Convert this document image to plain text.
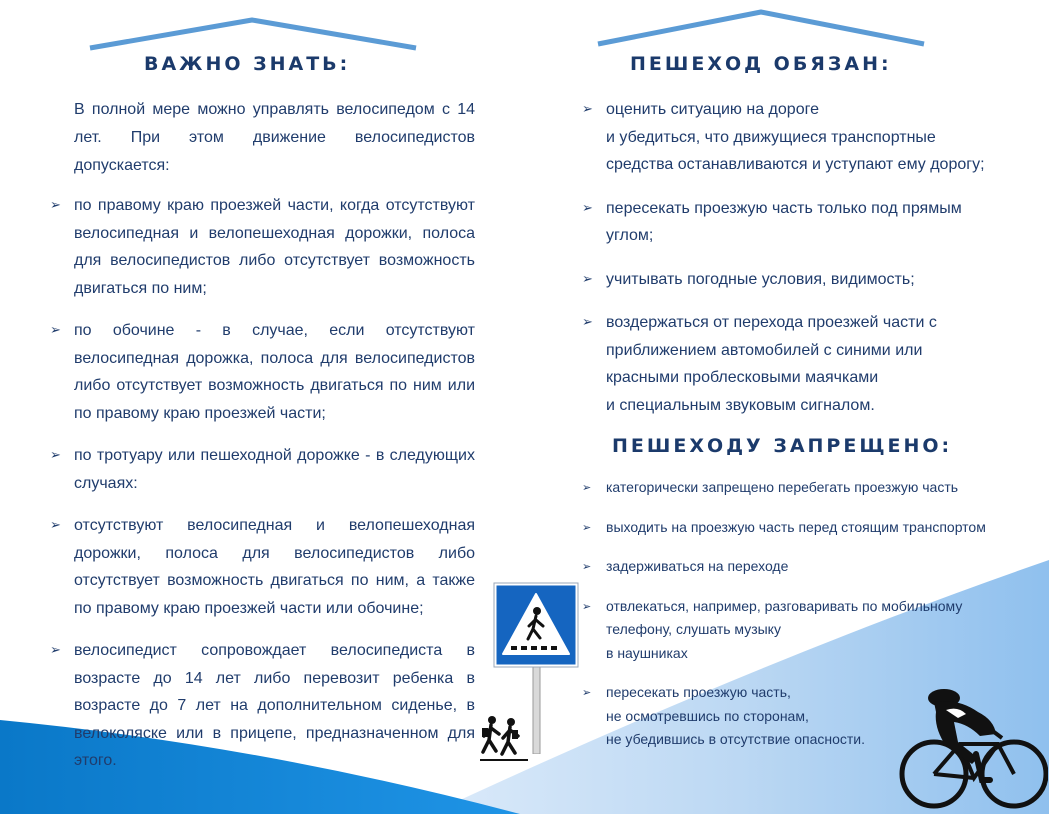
ВАЖНО ЗНАТЬ:

В полной мере можно управлять велосипедом с 14 лет. При этом движение велосипедистов допускается:

➢ по правому краю проезжей части, когда отсутствуют велосипедная и велопешеходная дорожки, полоса для велосипедистов либо отсутствует возможность двигаться по ним;
➢ по обочине - в случае, если отсутствуют велосипедная дорожка, полоса для велосипедистов либо отсутствует возможность двигаться по ним или по правому краю проезжей части;
➢ по тротуару или пешеходной дорожке - в следующих случаях:
➢ отсутствуют велосипедная и велопешеходная дорожки, полоса для велосипедистов либо отсутствует возможность двигаться по ним, а также по правому краю проезжей части или обочине;
➢ велосипедист сопровождает велосипедиста в возрасте до 14 лет либо перевозит ребенка в возрасте до 7 лет на дополнительном сиденье, в велоколяске или в прицепе, предназначенном для этого.
ПЕШЕХОД ОБЯЗАН:
➢ оценить ситуацию на дороге
и убедиться, что движущиеся транспортные
средства останавливаются и уступают ему дорогу;
➢ пересекать проезжую часть только под прямым
углом;
➢ учитывать погодные условия, видимость;
➢ воздержаться от перехода проезжей части с
приближением автомобилей с синими или
красными проблесковыми маячками
и специальным звуковым сигналом.
ПЕШЕХОДУ ЗАПРЕЩЕНО:
➢ категорически запрещено перебегать проезжую часть
➢ выходить на проезжую часть перед стоящим транспортом
➢ задерживаться на переходе
➢ отвлекаться, например, разговаривать по мобильному
телефону, слушать музыку
в наушниках
➢ пересекать проезжую часть,
не осмотревшись по сторонам,
не убедившись в отсутствие опасности.
